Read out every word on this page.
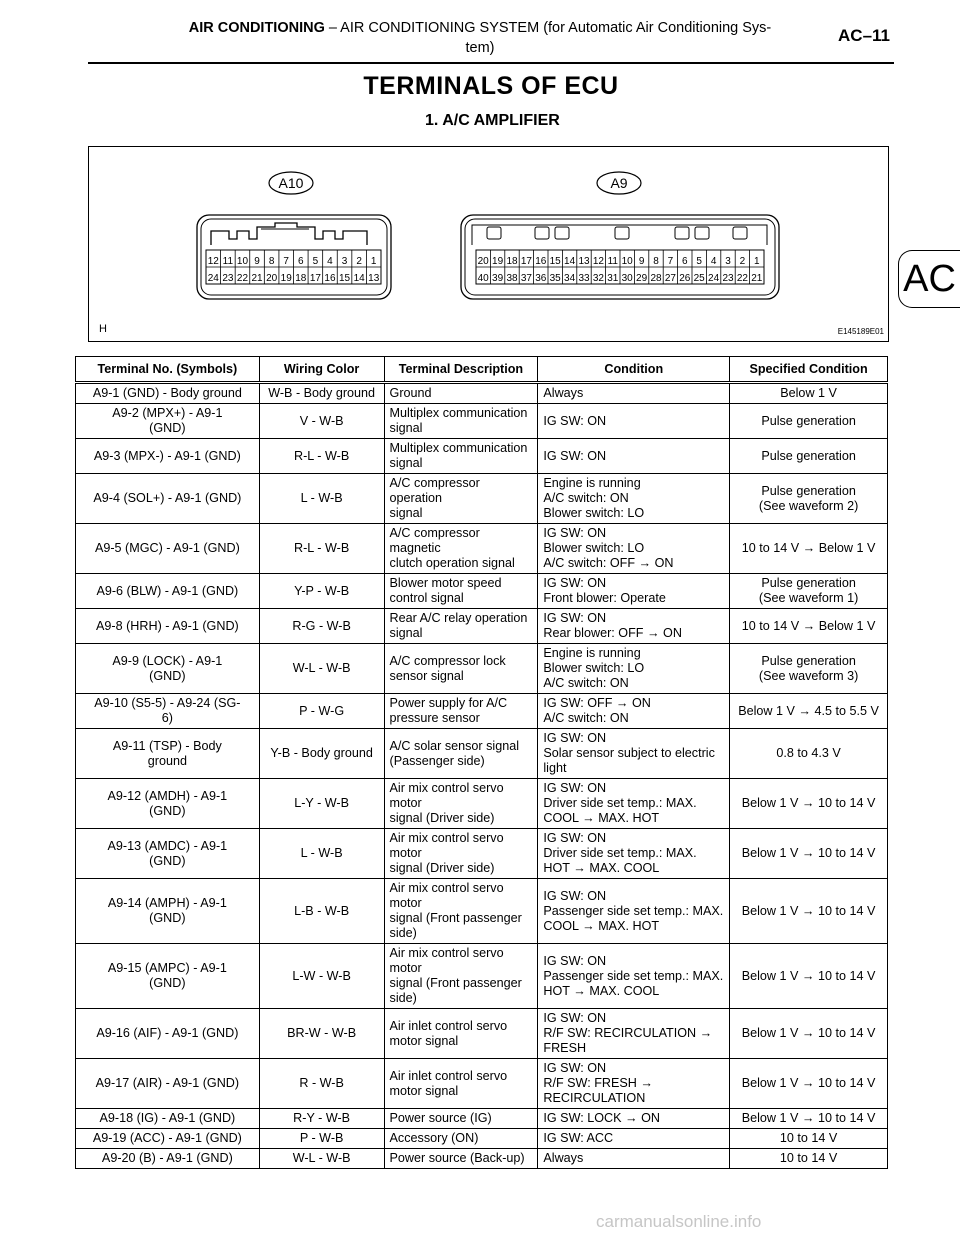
AIR CONDITIONING – AIR CONDITIONING SYSTEM (for Automatic Air Conditioning Sys-
tem)
AC–11
AC
TERMINALS OF ECU
1. A/C AMPLIFIER
A10	A9
12 11 10 9 8 7 6 5 4 3 2 1
24 23 22 21 20 19 18 17 16 15 14 13
20 19 18 17 16 15 14 13 12 11 10 9 8 7 6 5 4 3 2 1
40 39 38 37 36 35 34 33 32 31 30 29 28 27 26 25 24 23 22 21
H	E145189E01
Terminal No. (Symbols)	Wiring Color	Terminal Description	Condition	Specified Condition
A9-1 (GND) - Body ground	W-B - Body ground	Ground	Always	Below 1 V
A9-2 (MPX+) - A9-1
(GND)	V - W-B	Multiplex communication
signal	IG SW: ON	Pulse generation
A9-3 (MPX-) - A9-1 (GND)	R-L - W-B	Multiplex communication
signal	IG SW: ON	Pulse generation
A9-4 (SOL+) - A9-1 (GND)	L - W-B	A/C compressor operation
signal	Engine is running
A/C switch: ON
Blower switch: LO	Pulse generation
(See waveform 2)
A9-5 (MGC) - A9-1 (GND)	R-L - W-B	A/C compressor magnetic
clutch operation signal	IG SW: ON
Blower switch: LO
A/C switch: OFF → ON	10 to 14 V → Below 1 V
A9-6 (BLW) - A9-1 (GND)	Y-P - W-B	Blower motor speed
control signal	IG SW: ON
Front blower: Operate	Pulse generation
(See waveform 1)
A9-8 (HRH) - A9-1 (GND)	R-G - W-B	Rear A/C relay operation
signal	IG SW: ON
Rear blower: OFF → ON	10 to 14 V → Below 1 V
A9-9 (LOCK) - A9-1
(GND)	W-L - W-B	A/C compressor lock
sensor signal	Engine is running
Blower switch: LO
A/C switch: ON	Pulse generation
(See waveform 3)
A9-10 (S5-5) - A9-24 (SG-
6)	P - W-G	Power supply for A/C
pressure sensor	IG SW: OFF → ON
A/C switch: ON	Below 1 V → 4.5 to 5.5 V
A9-11 (TSP) - Body
ground	Y-B - Body ground	A/C solar sensor signal
(Passenger side)	IG SW: ON
Solar sensor subject to electric
light	0.8 to 4.3 V
A9-12 (AMDH) - A9-1
(GND)	L-Y - W-B	Air mix control servo motor
signal (Driver side)	IG SW: ON
Driver side set temp.: MAX.
COOL → MAX. HOT	Below 1 V → 10 to 14 V
A9-13 (AMDC) - A9-1
(GND)	L - W-B	Air mix control servo motor
signal (Driver side)	IG SW: ON
Driver side set temp.: MAX.
HOT → MAX. COOL	Below 1 V → 10 to 14 V
A9-14 (AMPH) - A9-1
(GND)	L-B - W-B	Air mix control servo motor
signal (Front passenger
side)	IG SW: ON
Passenger side set temp.: MAX.
COOL → MAX. HOT	Below 1 V → 10 to 14 V
A9-15 (AMPC) - A9-1
(GND)	L-W - W-B	Air mix control servo motor
signal (Front passenger
side)	IG SW: ON
Passenger side set temp.: MAX.
HOT → MAX. COOL	Below 1 V → 10 to 14 V
A9-16 (AIF) - A9-1 (GND)	BR-W - W-B	Air inlet control servo
motor signal	IG SW: ON
R/F SW: RECIRCULATION →
FRESH	Below 1 V → 10 to 14 V
A9-17 (AIR) - A9-1 (GND)	R - W-B	Air inlet control servo
motor signal	IG SW: ON
R/F SW: FRESH →
RECIRCULATION	Below 1 V → 10 to 14 V
A9-18 (IG) - A9-1 (GND)	R-Y - W-B	Power source (IG)	IG SW: LOCK → ON	Below 1 V → 10 to 14 V
A9-19 (ACC) - A9-1 (GND)	P - W-B	Accessory (ON)	IG SW: ACC	10 to 14 V
A9-20 (B) - A9-1 (GND)	W-L - W-B	Power source (Back-up)	Always	10 to 14 V
carmanualsonline.info
